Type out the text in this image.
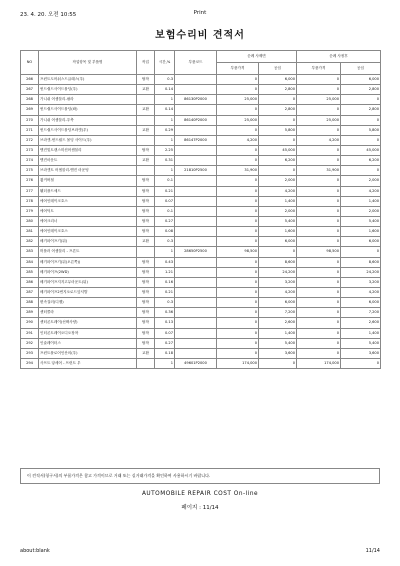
23. 4. 20. 오전 10:55	Print
보험수리비 견적서
NO	작업항목 및 부품명	작업	시간,%	부품코드	순례 사제면		순례 사정후	
					부품가격	공임	부품가격	공임
266	프런트도어쉬스드글래스(우)	탈착	0.3		0	6,000	0	6,000
267	윈드쉴드사이드몰딩(우)	교환	0.14		0	2,800	0	2,800
268	가니쉬 어셈블리-필라		1	86130P2000	25,000	0	25,000	0
269	윈드쉴드사이드몰딩(좌)	교환	0.14		0	2,800	0	2,800
270	가니쉬 어셈블리-우측		1	86140P2000	25,000	0	25,000	0
271	윈드쉴드사이드몰딩브라켓(우)	교환	0.29		0	5,800	0	5,800
272	브라켓-윈드쉴드 몰딩 사이드(우)		1	86147P2000	4,200	0	4,200	0
273	엔진및트랜스미션어셈블리	탈착	2.25		0	45,000	0	45,000
274	엔진마운트	교환	0.31		0	6,200	0	6,200
275	브라켓트 어셈블리-엔진 마운팅		1	21810P2500	31,900	0	31,900	0
276	휠커버철	탈착	0.1		0	2,000	0	2,000
277	휀더플드셰드	탈착	0.21		0	4,200	0	4,200
278	에어인테이크호스	탈착	0.07		0	1,400	0	1,400
279	에어덕트	탈착	0.1		0	2,000	0	2,000
280	에어크리너	탈착	0.27		0	5,400	0	5,400
281	에어인테이크호스	탈착	0.08		0	1,600	0	1,600
282	배기파이프기(뒤)	교환	0.3		0	6,000	0	6,000
283	머플러 어셈블리 - 프론트		1	28650P2500	98,500	0	98,500	0
284	배기파이프기(뒤(오른쪽))	탈착	0.43		0	8,600	0	8,600
285	배기파이프(2WD)	탈착	1.21		0	24,200	0	24,200
286	배기파이프지지고무마운트(뒤)	탈착	0.16		0	3,200	0	3,200
287	배기파이프2번지오로드앞셔발	탈착	0.21		0	4,200	0	4,200
288	변속질러(디젤)	탈착	0.3		0	6,000	0	6,000
289	센터콜라	탈착	0.36		0	7,200	0	7,200
290	센터콘트레이(선택사양)	탈착	0.13		0	2,600	0	2,600
291	인터콘트레이오디오장착	탈착	0.07		0	1,400	0	1,400
292	인슐레이터스	탈착	0.27		0	5,400	0	5,400
293	프런트플로어인산의(우)	교환	0.18		0	3,600	0	3,600
294	사프트 앙세어 - 프런트 우		1	49601P2000	174,000	0	174,000	0
이 견적서(청구서)의 부품가격은 참고 가격이므로 거래 또는 실거래가격을 확인하여 사용하시기 바랍니다.
AUTOMOBILE REPAIR COST On-line
페이지 : 11/14
about:blank	11/14
